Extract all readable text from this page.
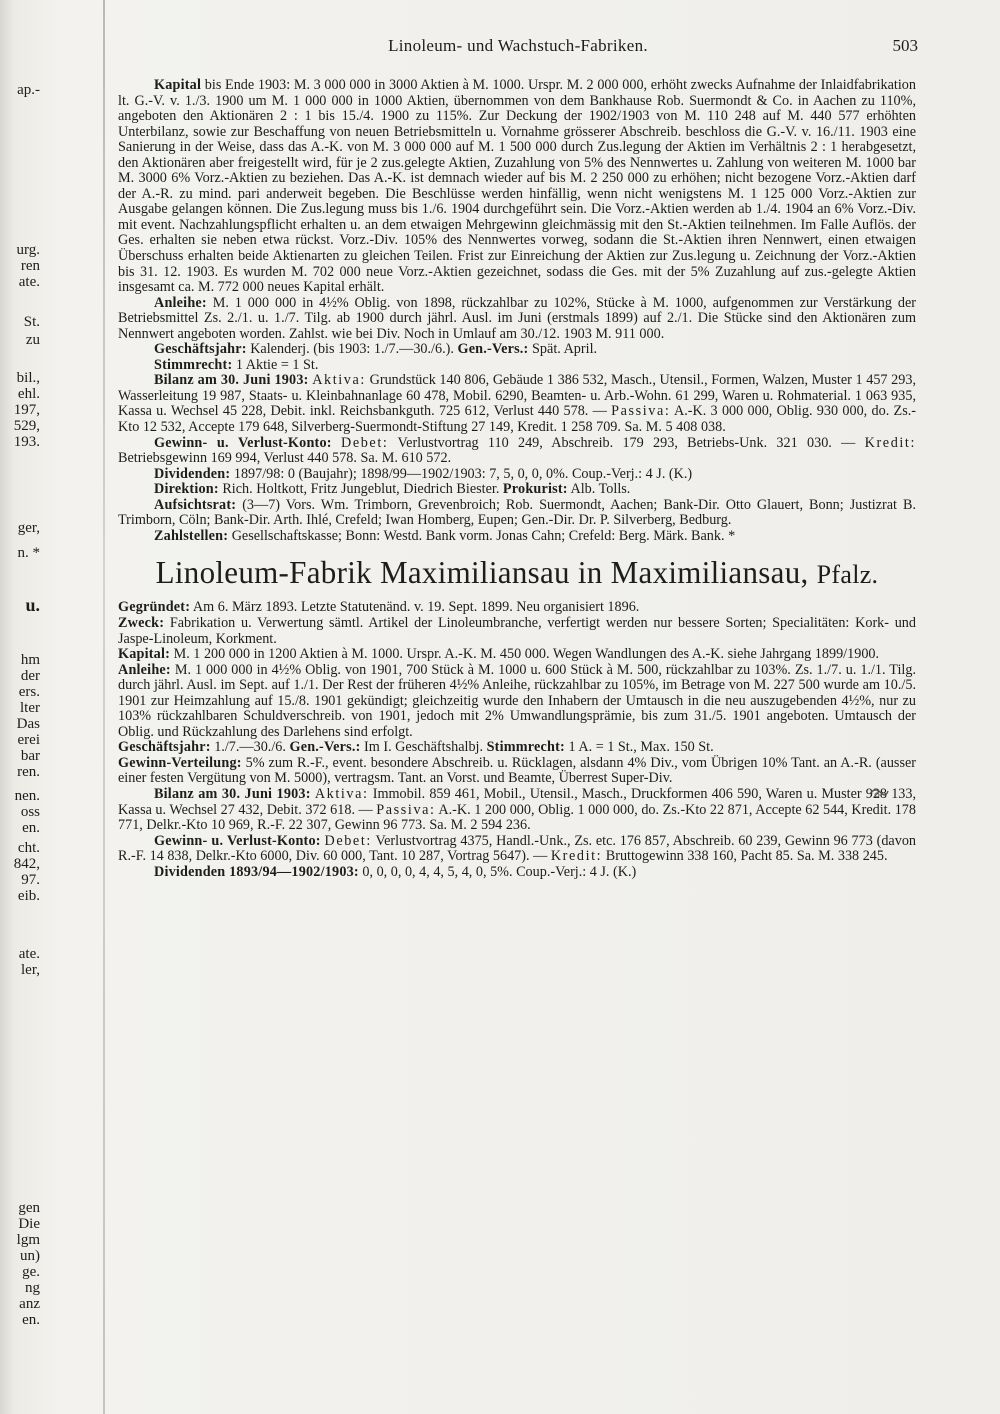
ap.-
urg.
ren
ate.
St.
zu
bil.,
ehl.
197,
529,
193.
ger,
n. *
u.
hm
der
ers.
lter
Das
erei
bar
ren.
nen.
oss
en.
cht.
842,
97.
eib.
ate.
ler,
gen
Die
lgm
un)
ge.
ng
anz
en.
Linoleum- und Wachstuch-Fabriken.	503

Kapital bis Ende 1903: M. 3 000 000 in 3000 Aktien à M. 1000. Urspr. M. 2 000 000, erhöht zwecks Aufnahme der Inlaidfabrikation lt. G.-V. v. 1./3. 1900 um M. 1 000 000 in 1000 Aktien, übernommen von dem Bankhause Rob. Suermondt & Co. in Aachen zu 110%, angeboten den Aktionären 2 : 1 bis 15./4. 1900 zu 115%. Zur Deckung der 1902/1903 von M. 110 248 auf M. 440 577 erhöhten Unterbilanz, sowie zur Beschaffung von neuen Betriebsmitteln u. Vornahme grösserer Abschreib. beschloss die G.-V. v. 16./11. 1903 eine Sanierung in der Weise, dass das A.-K. von M. 3 000 000 auf M. 1 500 000 durch Zus.legung der Aktien im Verhältnis 2 : 1 herabgesetzt, den Aktionären aber freigestellt wird, für je 2 zus.gelegte Aktien, Zuzahlung von 5% des Nennwertes u. Zahlung von weiteren M. 1000 bar M. 3000 6% Vorz.-Aktien zu beziehen. Das A.-K. ist demnach wieder auf bis M. 2 250 000 zu erhöhen; nicht bezogene Vorz.-Aktien darf der A.-R. zu mind. pari anderweit begeben. Die Beschlüsse werden hinfällig, wenn nicht wenigstens M. 1 125 000 Vorz.-Aktien zur Ausgabe gelangen können. Die Zus.legung muss bis 1./6. 1904 durchgeführt sein. Die Vorz.-Aktien werden ab 1./4. 1904 an 6% Vorz.-Div. mit event. Nachzahlungspflicht erhalten u. an dem etwaigen Mehrgewinn gleichmässig mit den St.-Aktien teilnehmen. Im Falle Auflös. der Ges. erhalten sie neben etwa rückst. Vorz.-Div. 105% des Nennwertes vorweg, sodann die St.-Aktien ihren Nennwert, einen etwaigen Überschuss erhalten beide Aktienarten zu gleichen Teilen. Frist zur Einreichung der Aktien zur Zus.legung u. Zeichnung der Vorz.-Aktien bis 31. 12. 1903. Es wurden M. 702 000 neue Vorz.-Aktien gezeichnet, sodass die Ges. mit der 5% Zuzahlung auf zus.-gelegte Aktien insgesamt ca. M. 772 000 neues Kapital erhält.

Anleihe: M. 1 000 000 in 4½% Oblig. von 1898, rückzahlbar zu 102%, Stücke à M. 1000, aufgenommen zur Verstärkung der Betriebsmittel Zs. 2./1. u. 1./7. Tilg. ab 1900 durch jährl. Ausl. im Juni (erstmals 1899) auf 2./1. Die Stücke sind den Aktionären zum Nennwert angeboten worden. Zahlst. wie bei Div. Noch in Umlauf am 30./12. 1903 M. 911 000.

Geschäftsjahr: Kalenderj. (bis 1903: 1./7.—30./6.). Gen.-Vers.: Spät. April.

Stimmrecht: 1 Aktie = 1 St.

Bilanz am 30. Juni 1903: Aktiva: Grundstück 140 806, Gebäude 1 386 532, Masch., Utensil., Formen, Walzen, Muster 1 457 293, Wasserleitung 19 987, Staats- u. Kleinbahnanlage 60 478, Mobil. 6290, Beamten- u. Arb.-Wohn. 61 299, Waren u. Rohmaterial. 1 063 935, Kassa u. Wechsel 45 228, Debit. inkl. Reichsbankguth. 725 612, Verlust 440 578. — Passiva: A.-K. 3 000 000, Oblig. 930 000, do. Zs.-Kto 12 532, Accepte 179 648, Silverberg-Suermondt-Stiftung 27 149, Kredit. 1 258 709. Sa. M. 5 408 038.

Gewinn- u. Verlust-Konto: Debet: Verlustvortrag 110 249, Abschreib. 179 293, Betriebs-Unk. 321 030. — Kredit: Betriebsgewinn 169 994, Verlust 440 578. Sa. M. 610 572.

Dividenden: 1897/98: 0 (Baujahr); 1898/99—1902/1903: 7, 5, 0, 0, 0%. Coup.-Verj.: 4 J. (K.)

Direktion: Rich. Holtkott, Fritz Jungeblut, Diedrich Biester. Prokurist: Alb. Tolls.

Aufsichtsrat: (3—7) Vors. Wm. Trimborn, Grevenbroich; Rob. Suermondt, Aachen; Bank-Dir. Otto Glauert, Bonn; Justizrat B. Trimborn, Cöln; Bank-Dir. Arth. Ihlé, Crefeld; Iwan Homberg, Eupen; Gen.-Dir. Dr. P. Silverberg, Bedburg.

Zahlstellen: Gesellschaftskasse; Bonn: Westd. Bank vorm. Jonas Cahn; Crefeld: Berg. Märk. Bank. *

Linoleum-Fabrik Maximiliansau in Maximiliansau, Pfalz.

Gegründet: Am 6. März 1893. Letzte Statutenänd. v. 19. Sept. 1899. Neu organisiert 1896.

Zweck: Fabrikation u. Verwertung sämtl. Artikel der Linoleumbranche, verfertigt werden nur bessere Sorten; Specialitäten: Kork- und Jaspe-Linoleum, Korkment.

Kapital: M. 1 200 000 in 1200 Aktien à M. 1000. Urspr. A.-K. M. 450 000. Wegen Wandlungen des A.-K. siehe Jahrgang 1899/1900.

Anleihe: M. 1 000 000 in 4½% Oblig. von 1901, 700 Stück à M. 1000 u. 600 Stück à M. 500, rückzahlbar zu 103%. Zs. 1./7. u. 1./1. Tilg. durch jährl. Ausl. im Sept. auf 1./1. Der Rest der früheren 4½% Anleihe, rückzahlbar zu 105%, im Betrage von M. 227 500 wurde am 10./5. 1901 zur Heimzahlung auf 15./8. 1901 gekündigt; gleichzeitig wurde den Inhabern der Umtausch in die neu auszugebenden 4½%, nur zu 103% rückzahlbaren Schuldverschreib. von 1901, jedoch mit 2% Umwandlungsprämie, bis zum 31./5. 1901 angeboten. Umtausch der Oblig. und Rückzahlung des Darlehens sind erfolgt.

Geschäftsjahr: 1./7.—30./6. Gen.-Vers.: Im I. Geschäftshalbj. Stimmrecht: 1 A. = 1 St., Max. 150 St.

Gewinn-Verteilung: 5% zum R.-F., event. besondere Abschreib. u. Rücklagen, alsdann 4% Div., vom Übrigen 10% Tant. an A.-R. (ausser einer festen Vergütung von M. 5000), vertragsm. Tant. an Vorst. und Beamte, Überrest Super-Div.

Bilanz am 30. Juni 1903: Aktiva: Immobil. 859 461, Mobil., Utensil., Masch., Druckformen 406 590, Waren u. Muster 928 133, Kassa u. Wechsel 27 432, Debit. 372 618. — Passiva: A.-K. 1 200 000, Oblig. 1 000 000, do. Zs.-Kto 22 871, Accepte 62 544, Kredit. 178 771, Delkr.-Kto 10 969, R.-F. 22 307, Gewinn 96 773. Sa. M. 2 594 236.

Gewinn- u. Verlust-Konto: Debet: Verlustvortrag 4375, Handl.-Unk., Zs. etc. 176 857, Abschreib. 60 239, Gewinn 96 773 (davon R.-F. 14 838, Delkr.-Kto 6000, Div. 60 000, Tant. 10 287, Vortrag 5647). — Kredit: Bruttogewinn 338 160, Pacht 85. Sa. M. 338 245.

Dividenden 1893/94—1902/1903: 0, 0, 0, 0, 4, 4, 5, 4, 0, 5%. Coup.-Verj.: 4 J. (K.)
